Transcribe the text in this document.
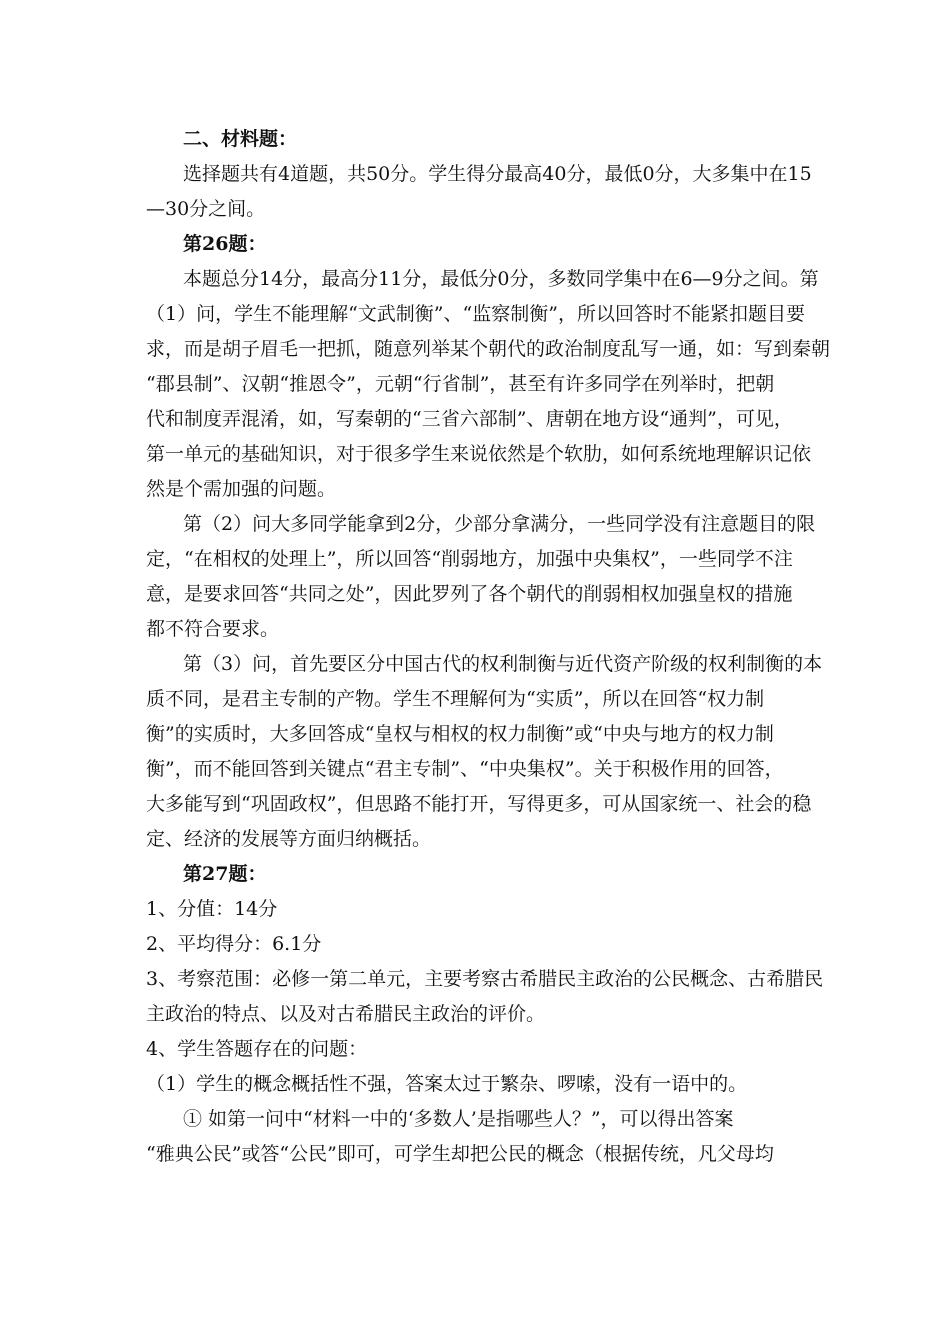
二、材料题：
选择题共有4道题，共50分。学生得分最高40分，最低0分，大多集中在15
—30分之间。
第26题：
本题总分14分，最高分11分，最低分0分，多数同学集中在6—9分之间。第
（1）问，学生不能理解“文武制衡”、“监察制衡”，所以回答时不能紧扣题目要
求，而是胡子眉毛一把抓，随意列举某个朝代的政治制度乱写一通，如：写到秦朝
“郡县制”、汉朝“推恩令”，元朝“行省制”，甚至有许多同学在列举时，把朝
代和制度弄混淆，如，写秦朝的“三省六部制”、唐朝在地方设“通判”，可见，
第一单元的基础知识，对于很多学生来说依然是个软肋，如何系统地理解识记依
然是个需加强的问题。
第（2）问大多同学能拿到2分，少部分拿满分，一些同学没有注意题目的限
定，“在相权的处理上”，所以回答“削弱地方，加强中央集权”，一些同学不注
意，是要求回答“共同之处”，因此罗列了各个朝代的削弱相权加强皇权的措施
都不符合要求。
第（3）问，首先要区分中国古代的权利制衡与近代资产阶级的权利制衡的本
质不同，是君主专制的产物。学生不理解何为“实质”，所以在回答“权力制
衡”的实质时，大多回答成“皇权与相权的权力制衡”或“中央与地方的权力制
衡”，而不能回答到关键点“君主专制”、“中央集权”。关于积极作用的回答，
大多能写到“巩固政权”，但思路不能打开，写得更多，可从国家统一、社会的稳
定、经济的发展等方面归纳概括。
第27题：
1、分值：14分
2、平均得分：6.1分
3、考察范围：必修一第二单元，主要考察古希腊民主政治的公民概念、古希腊民
主政治的特点、以及对古希腊民主政治的评价。
4、学生答题存在的问题：
（1）学生的概念概括性不强，答案太过于繁杂、啰嗦，没有一语中的。
① 如第一问中“材料一中的‘多数人’是指哪些人？”，可以得出答案
“雅典公民”或答“公民”即可，可学生却把公民的概念（根据传统，凡父母均
